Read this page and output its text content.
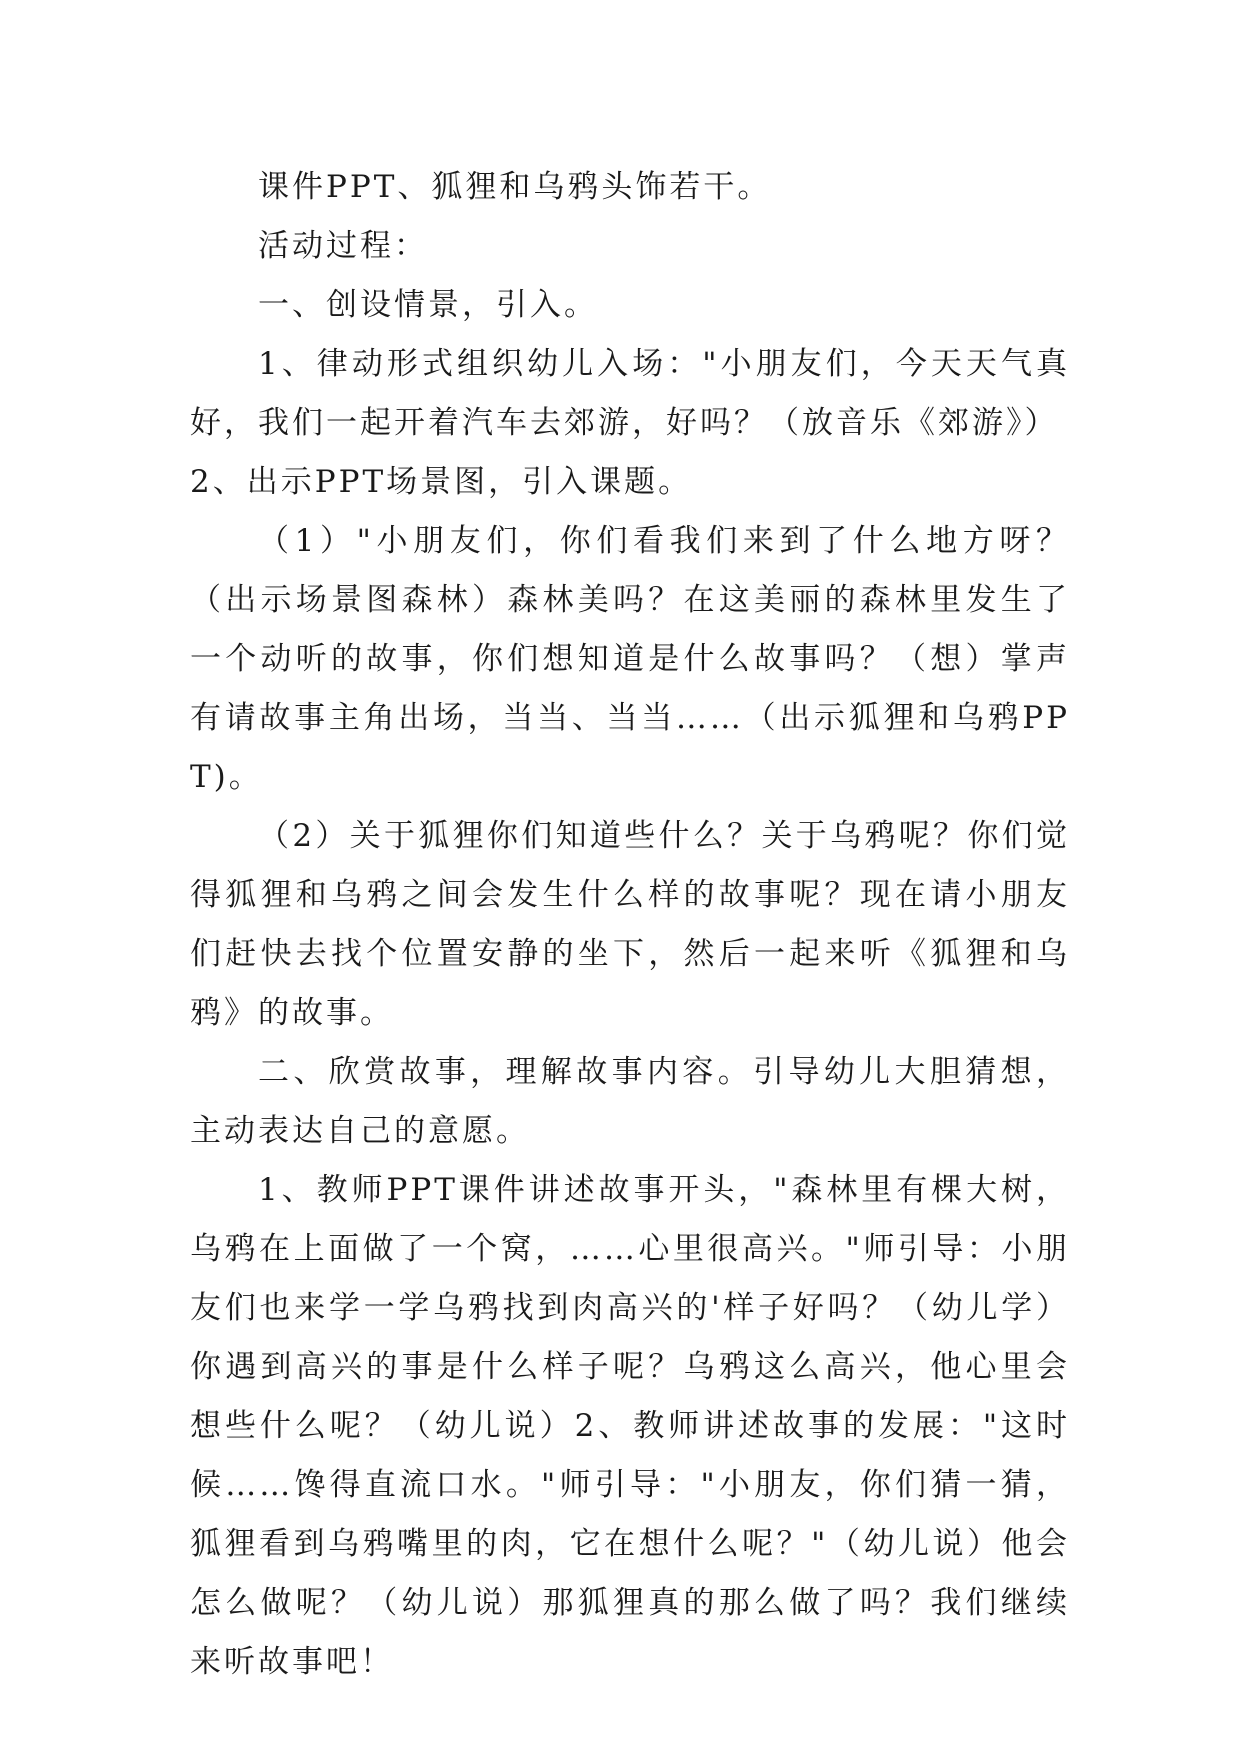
课件PPT、狐狸和乌鸦头饰若干。

活动过程：

一、创设情景，引入。

1、律动形式组织幼儿入场："小朋友们，今天天气真好，我们一起开着汽车去郊游，好吗？（放音乐《郊游》）

2、出示PPT场景图，引入课题。

（1）"小朋友们，你们看我们来到了什么地方呀？（出示场景图森林）森林美吗？在这美丽的森林里发生了一个动听的故事，你们想知道是什么故事吗？（想）掌声有请故事主角出场，当当、当当……（出示狐狸和乌鸦PPT)。

（2）关于狐狸你们知道些什么？关于乌鸦呢？你们觉得狐狸和乌鸦之间会发生什么样的故事呢？现在请小朋友们赶快去找个位置安静的坐下，然后一起来听《狐狸和乌鸦》的故事。

二、欣赏故事，理解故事内容。引导幼儿大胆猜想，主动表达自己的意愿。

1、教师PPT课件讲述故事开头，"森林里有棵大树，乌鸦在上面做了一个窝，……心里很高兴。"师引导：小朋友们也来学一学乌鸦找到肉高兴的'样子好吗？（幼儿学）你遇到高兴的事是什么样子呢？乌鸦这么高兴，他心里会想些什么呢？（幼儿说）2、教师讲述故事的发展："这时候……馋得直流口水。"师引导："小朋友，你们猜一猜，狐狸看到乌鸦嘴里的肉，它在想什么呢？"（幼儿说）他会怎么做呢？（幼儿说）那狐狸真的那么做了吗？我们继续来听故事吧！
